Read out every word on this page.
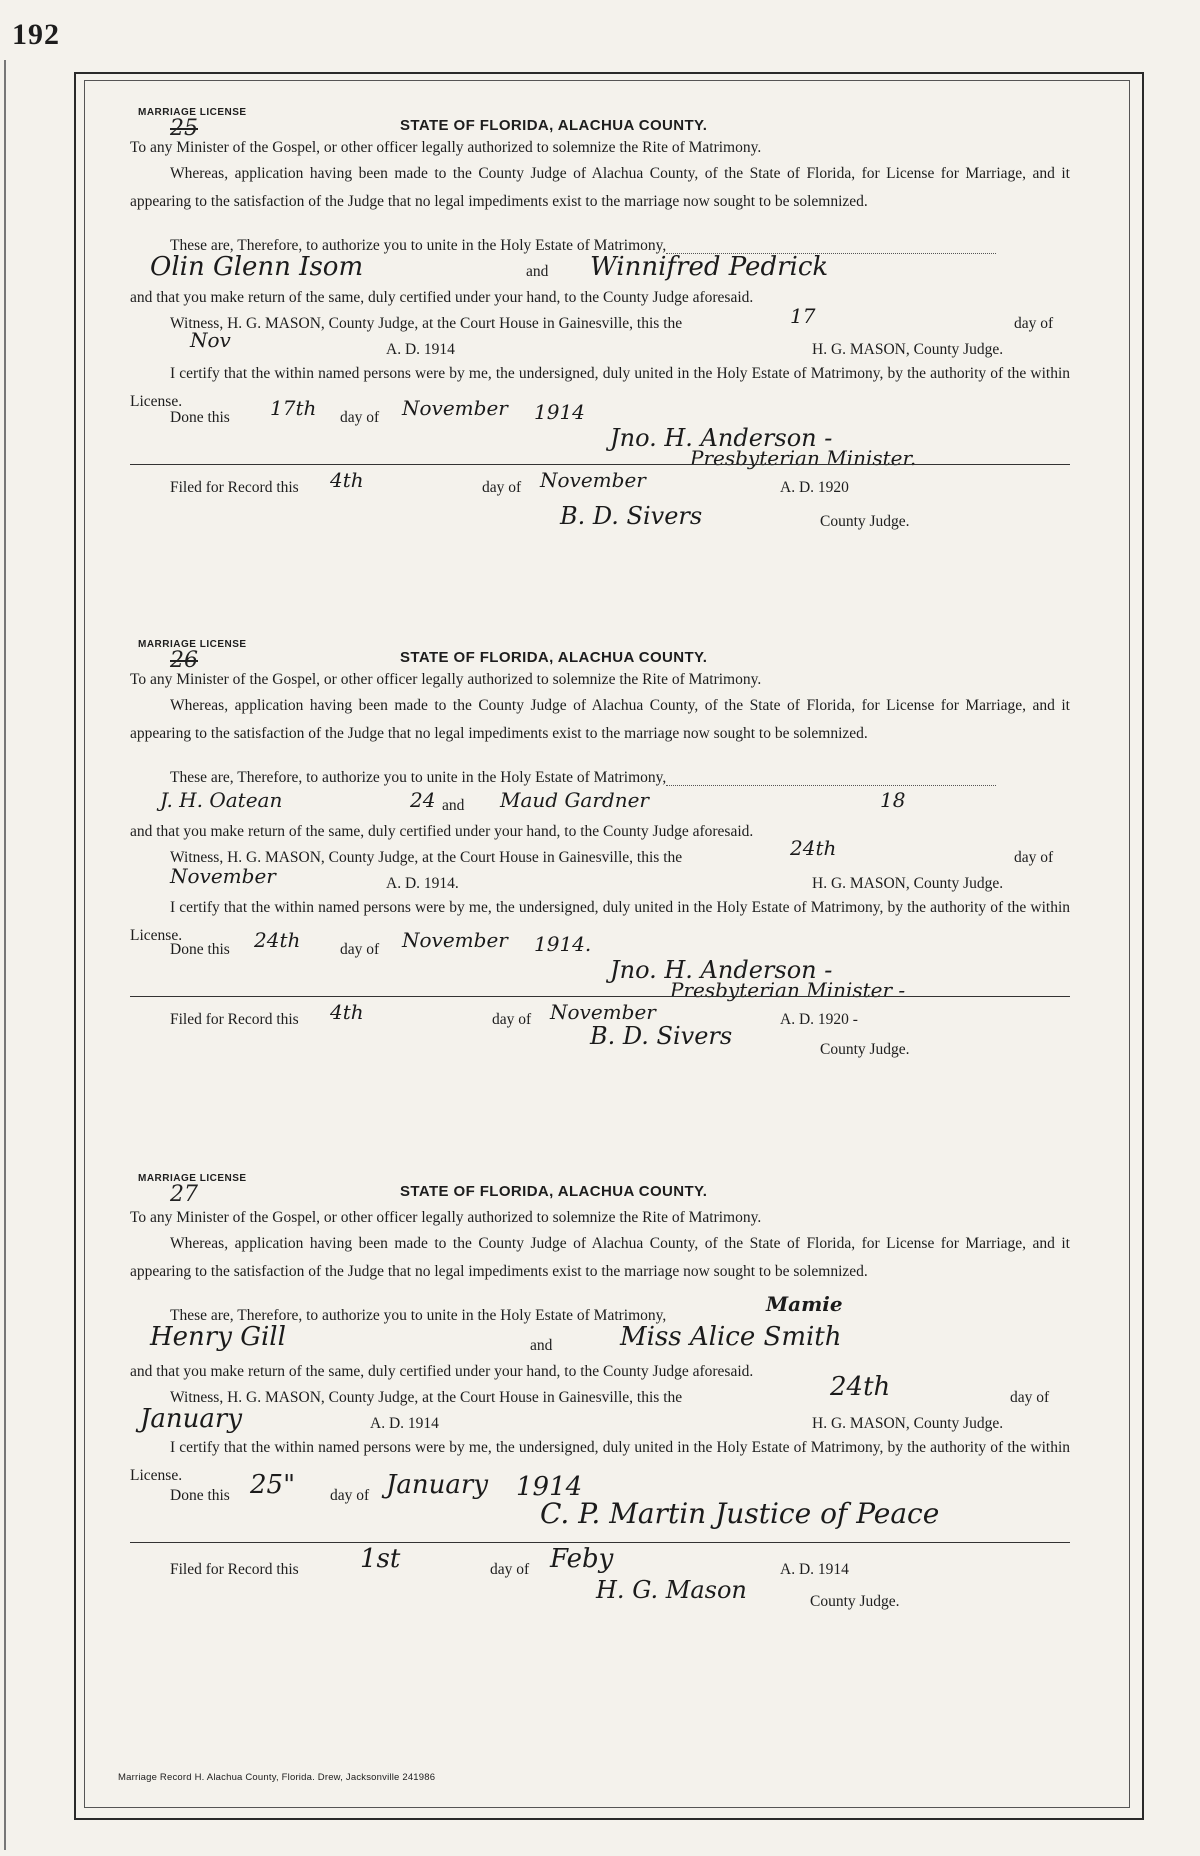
192
MARRIAGE LICENSE
25	STATE OF FLORIDA, ALACHUA COUNTY.
To any Minister of the Gospel, or other officer legally authorized to solemnize the Rite of Matrimony.
Whereas, application having been made to the County Judge of Alachua County, of the State of Florida, for License for Marriage, and it appearing to the satisfaction of the Judge that no legal impediments exist to the marriage now sought to be solemnized.
These are, Therefore, to authorize you to unite in the Holy Estate of Matrimony,
Olin Glenn Isom	and Winnifred Pedrick
and that you make return of the same, duly certified under your hand, to the County Judge aforesaid.
Witness, H. G. MASON, County Judge, at the Court House in Gainesville, this the	17	day of
Nov	A. D. 1914	H. G. MASON, County Judge.
I certify that the within named persons were by me, the undersigned, duly united in the Holy Estate of Matrimony, by the authority of the within License.
Done this 17th day of November 1914
Jno. H. Anderson -
Presbyterian Minister.
Filed for Record this 4th	day of November	A. D. 1920
B. D. Sivers	County Judge.
MARRIAGE LICENSE
26	STATE OF FLORIDA, ALACHUA COUNTY.
To any Minister of the Gospel, or other officer legally authorized to solemnize the Rite of Matrimony.
Whereas, application having been made to the County Judge of Alachua County, of the State of Florida, for License for Marriage, and it appearing to the satisfaction of the Judge that no legal impediments exist to the marriage now sought to be solemnized.
These are, Therefore, to authorize you to unite in the Holy Estate of Matrimony,
J. H. Oatean	24 and Maud Gardner	18
and that you make return of the same, duly certified under your hand, to the County Judge aforesaid.
Witness, H. G. MASON, County Judge, at the Court House in Gainesville, this the	24th	day of
November	A. D. 1914.	H. G. MASON, County Judge.
I certify that the within named persons were by me, the undersigned, duly united in the Holy Estate of Matrimony, by the authority of the within License.
Done this 24th	day of November 1914.
Jno. H. Anderson -
Presbyterian Minister -
Filed for Record this 4th	day of November	A. D. 1920 -
B. D. Sivers	County Judge.
MARRIAGE LICENSE
27	STATE OF FLORIDA, ALACHUA COUNTY.
To any Minister of the Gospel, or other officer legally authorized to solemnize the Rite of Matrimony.
Whereas, application having been made to the County Judge of Alachua County, of the State of Florida, for License for Marriage, and it appearing to the satisfaction of the Judge that no legal impediments exist to the marriage now sought to be solemnized.
These are, Therefore, to authorize you to unite in the Holy Estate of Matrimony,	Mamie
Henry Gill	and	Miss Alice Smith
and that you make return of the same, duly certified under your hand, to the County Judge aforesaid.
Witness, H. G. MASON, County Judge, at the Court House in Gainesville, this the	24th	day of
January	A. D. 1914	H. G. MASON, County Judge.
I certify that the within named persons were by me, the undersigned, duly united in the Holy Estate of Matrimony, by the authority of the within License.
Done this 25" day of January 1914
C. P. Martin Justice of Peace
Filed for Record this 1st	day of Feby	A. D. 1914
H. G. Mason	County Judge.
Marriage Record H. Alachua County, Florida. Drew, Jacksonville 241986
